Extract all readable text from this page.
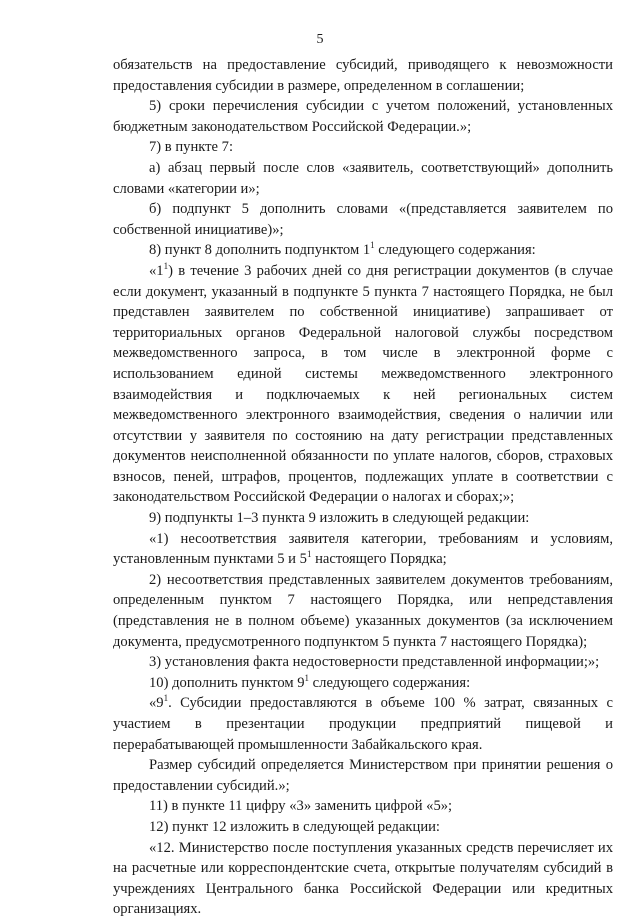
5

обязательств на предоставление субсидий, приводящего к невозможности предоставления субсидии в размере, определенном в соглашении;

5) сроки перечисления субсидии с учетом положений, установленных бюджетным законодательством Российской Федерации.»;

7) в пункте 7:

а) абзац первый после слов «заявитель, соответствующий» дополнить словами «категории и»;

б) подпункт 5 дополнить словами «(представляется заявителем по собственной инициативе)»;

8) пункт 8 дополнить подпунктом $1^1$ следующего содержания:

«$1^1$) в течение 3 рабочих дней со дня регистрации документов (в случае если документ, указанный в подпункте 5 пункта 7 настоящего Порядка, не был представлен заявителем по собственной инициативе) запрашивает от территориальных органов Федеральной налоговой службы посредством межведомственного запроса, в том числе в электронной форме с использованием единой системы межведомственного электронного взаимодействия и подключаемых к ней региональных систем межведомственного электронного взаимодействия, сведения о наличии или отсутствии у заявителя по состоянию на дату регистрации представленных документов неисполненной обязанности по уплате налогов, сборов, страховых взносов, пеней, штрафов, процентов, подлежащих уплате в соответствии с законодательством Российской Федерации о налогах и сборах;»;

9) подпункты 1–3 пункта 9 изложить в следующей редакции:

«1) несоответствия заявителя категории, требованиям и условиям, установленным пунктами 5 и $5^1$ настоящего Порядка;

2) несоответствия представленных заявителем документов требованиям, определенным пунктом 7 настоящего Порядка, или непредставления (представления не в полном объеме) указанных документов (за исключением документа, предусмотренного подпунктом 5 пункта 7 настоящего Порядка);

3) установления факта недостоверности представленной информации;»;

10) дополнить пунктом $9^1$ следующего содержания:

«$9^1$. Субсидии предоставляются в объеме 100 % затрат, связанных с участием в презентации продукции предприятий пищевой и перерабатывающей промышленности Забайкальского края.

Размер субсидий определяется Министерством при принятии решения о предоставлении субсидий.»;

11) в пункте 11 цифру «3» заменить цифрой «5»;

12) пункт 12 изложить в следующей редакции:

«12. Министерство после поступления указанных средств перечисляет их на расчетные или корреспондентские счета, открытые получателям субсидий в учреждениях Центрального банка Российской Федерации или кредитных организациях.
